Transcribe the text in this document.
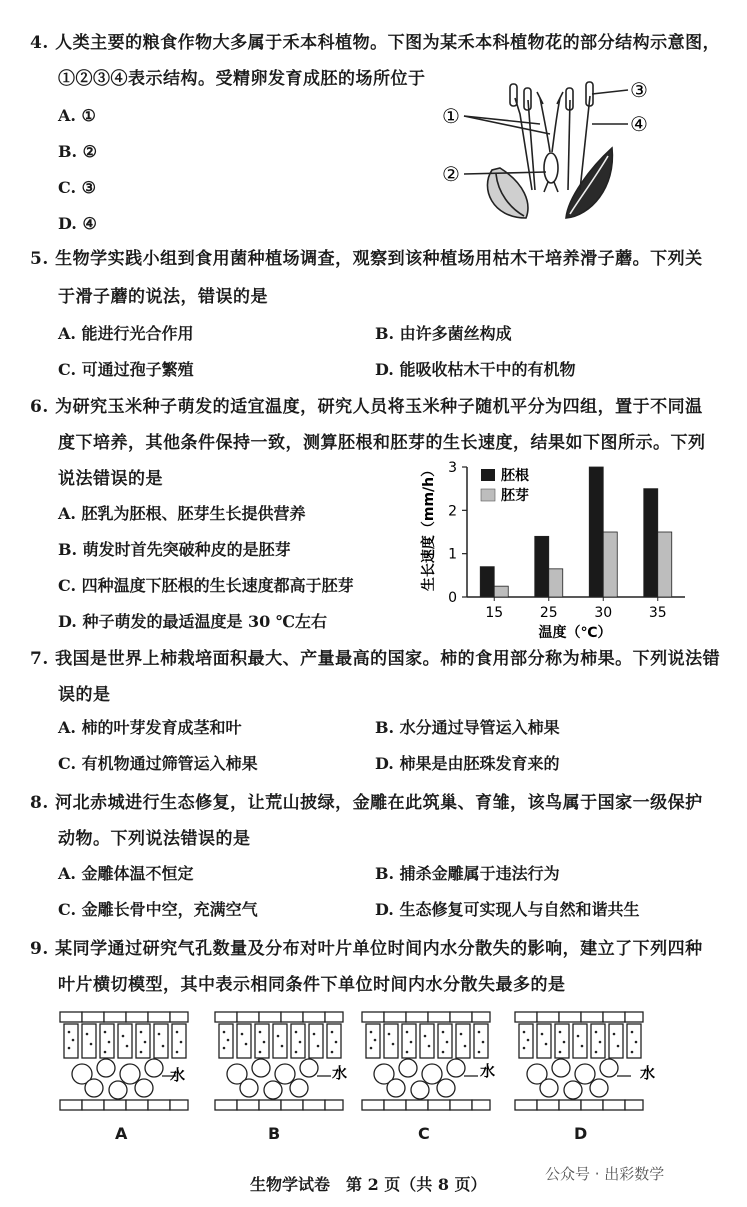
4. 人类主要的粮食作物大多属于禾本科植物。下图为某禾本科植物花的部分结构示意图，
①②③④表示结构。受精卵发育成胚的场所位于
A. ①
B. ②
C. ③
D. ④
①
②
③
④
5. 生物学实践小组到食用菌种植场调查，观察到该种植场用枯木干培养滑子蘑。下列关
于滑子蘑的说法，错误的是
A. 能进行光合作用	B. 由许多菌丝构成
C. 可通过孢子繁殖	D. 能吸收枯木干中的有机物
6. 为研究玉米种子萌发的适宜温度，研究人员将玉米种子随机平分为四组，置于不同温
度下培养，其他条件保持一致，测算胚根和胚芽的生长速度，结果如下图所示。下列
说法错误的是
A. 胚乳为胚根、胚芽生长提供营养
B. 萌发时首先突破种皮的是胚芽
C. 四种温度下胚根的生长速度都高于胚芽
D. 种子萌发的最适温度是 30 ℃左右
生长速度（mm/h）
0
1
2
3
15	25	30	35
胚根
胚芽
温度（℃）
7. 我国是世界上柿栽培面积最大、产量最高的国家。柿的食用部分称为柿果。下列说法错
误的是
A. 柿的叶芽发育成茎和叶	B. 水分通过导管运入柿果
C. 有机物通过筛管运入柿果	D. 柿果是由胚珠发育来的
8. 河北赤城进行生态修复，让荒山披绿，金雕在此筑巢、育雏，该鸟属于国家一级保护
动物。下列说法错误的是
A. 金雕体温不恒定	B. 捕杀金雕属于违法行为
C. 金雕长骨中空，充满空气	D. 生态修复可实现人与自然和谐共生
9. 某同学通过研究气孔数量及分布对叶片单位时间内水分散失的影响，建立了下列四种
叶片横切模型，其中表示相同条件下单位时间内水分散失最多的是
水	水	水	水
A	B	C	D
生物学试卷　第 2 页（共 8 页）
公众号 · 出彩数学
